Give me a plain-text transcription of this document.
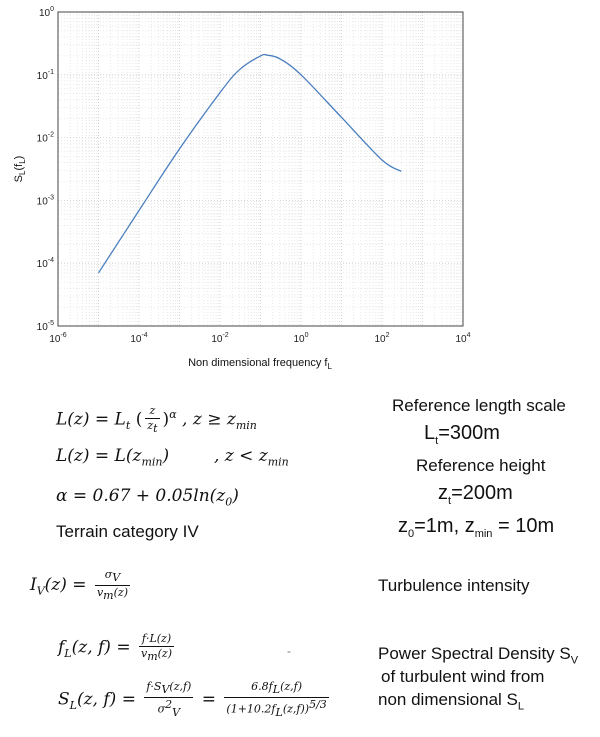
$10^{-6}$	$10^{-4}$	$10^{-2}$	$10^0$	$10^2$	$10^4$
$10^0$
$10^{-1}$
$10^{-2}$
$10^{-3}$
$10^{-4}$
$10^{-5}$
Non dimensional frequency $f_L$
$S_L(f_L)$
$L(z) = L_t$ ( $\frac{z}{z_t} )^\alpha$ , $z \ge z_{min}$
$L(z) = L(z_{min})$	, $z < z_{min}$
$\alpha = 0.67 + 0.05\ln(z_0)$
Terrain category IV
$I_V(z) = \frac{\sigma_V}{v_m(z)}$
$f_L(z$, $f) = \frac{f\cdot L(z)}{v_m(z)}$
$S_L(z$, $f) = \frac{f\cdot S_V(z,f)}{\sigma^2_V} = \frac{6.8f_L(z,f)}{(1+10.2f_L(z,f))^{5/3}}$
-
Reference length scale
$L_t=300m$
Reference height
$z_t=200m$
$z_0=1m$, $z_{min} = 10m$
Turbulence intensity
Power Spectral Density $S_V$
of turbulent wind from
non dimensional $S_L$
